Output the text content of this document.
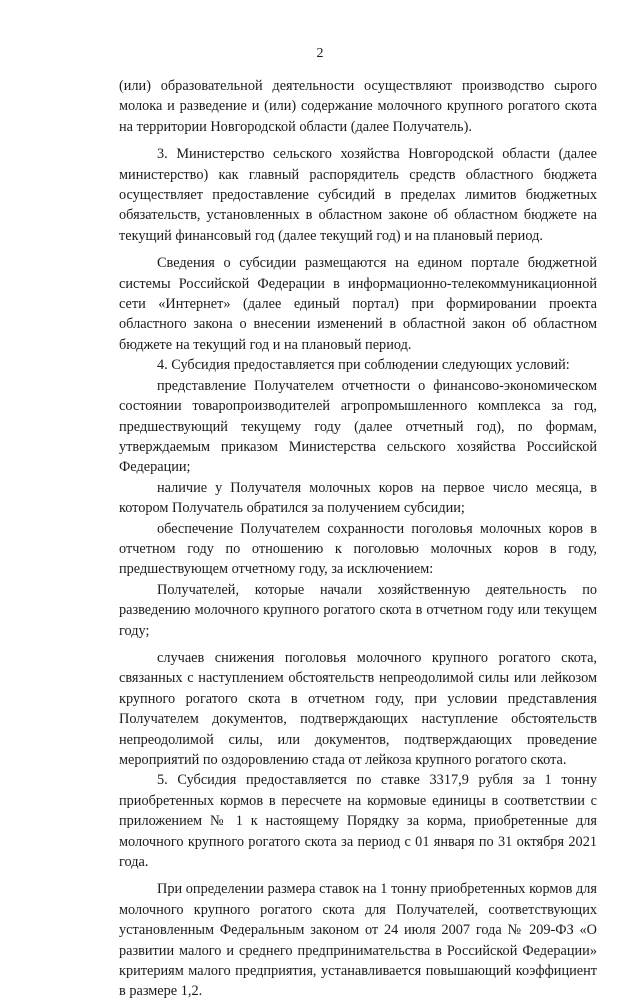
2

(или) образовательной деятельности осуществляют производство сырого молока и разведение и (или) содержание молочного крупного рогатого скота на территории Новгородской области (далее Получатель).

3. Министерство сельского хозяйства Новгородской области (далее министерство) как главный распорядитель средств областного бюджета осуществляет предоставление субсидий в пределах лимитов бюджетных обязательств, установленных в областном законе об областном бюджете на текущий финансовый год (далее текущий год) и на плановый период.

Сведения о субсидии размещаются на едином портале бюджетной системы Российской Федерации в информационно-телекоммуникационной сети «Интернет» (далее единый портал) при формировании проекта областного закона о внесении изменений в областной закон об областном бюджете на текущий год и на плановый период.

4. Субсидия предоставляется при соблюдении следующих условий:

представление Получателем отчетности о финансово-экономическом состоянии товаропроизводителей агропромышленного комплекса за год, предшествующий текущему году (далее отчетный год), по формам, утверждаемым приказом Министерства сельского хозяйства Российской Федерации;

наличие у Получателя молочных коров на первое число месяца, в котором Получатель обратился за получением субсидии;

обеспечение Получателем сохранности поголовья молочных коров в отчетном году по отношению к поголовью молочных коров в году, предшествующем отчетному году, за исключением:

Получателей, которые начали хозяйственную деятельность по разведению молочного крупного рогатого скота в отчетном году или текущем году;

случаев снижения поголовья молочного крупного рогатого скота, связанных с наступлением обстоятельств непреодолимой силы или лейкозом крупного рогатого скота в отчетном году, при условии представления Получателем документов, подтверждающих наступление обстоятельств непреодолимой силы, или документов, подтверждающих проведение мероприятий по оздоровлению стада от лейкоза крупного рогатого скота.

5. Субсидия предоставляется по ставке 3317,9 рубля за 1 тонну приобретенных кормов в пересчете на кормовые единицы в соответствии с приложением № 1 к настоящему Порядку за корма, приобретенные для молочного крупного рогатого скота за период с 01 января по 31 октября 2021 года.

При определении размера ставок на 1 тонну приобретенных кормов для молочного крупного рогатого скота для Получателей, соответствующих установленным Федеральным законом от 24 июля 2007 года № 209-ФЗ «О развитии малого и среднего предпринимательства в Российской Федерации» критериям малого предприятия, устанавливается повышающий коэффициент в размере 1,2.
